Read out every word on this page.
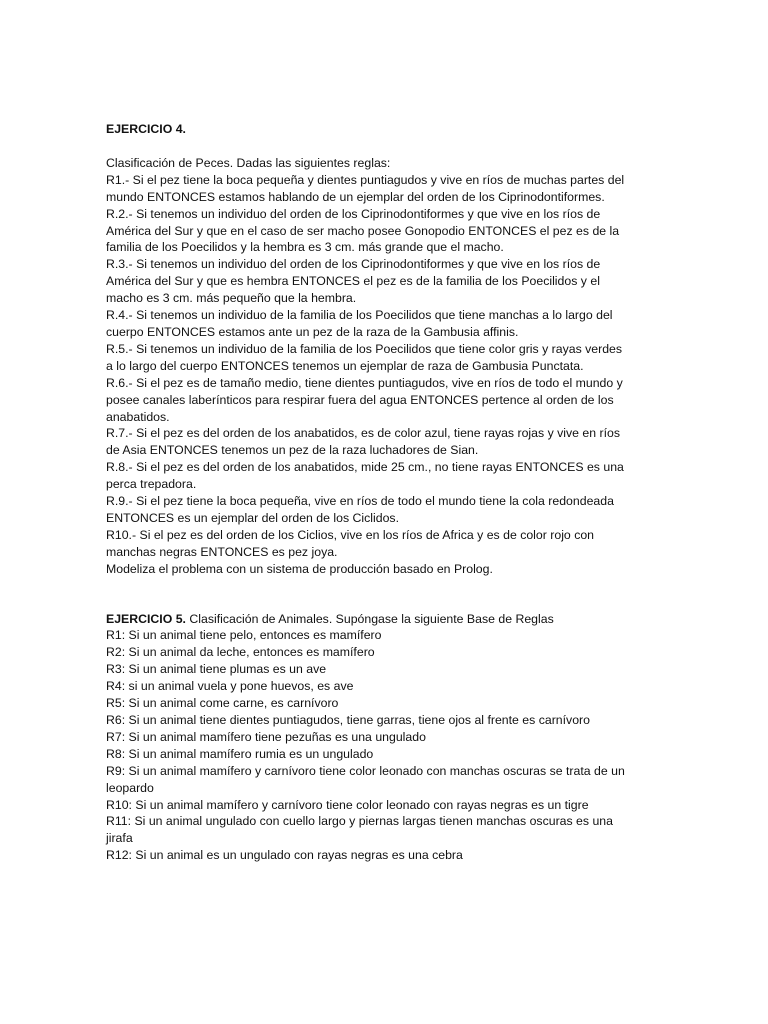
EJERCICIO 4.

Clasificación de Peces. Dadas las siguientes reglas:

R1.- Si el pez tiene la boca pequeña y dientes puntiagudos y vive en ríos de muchas partes del mundo ENTONCES estamos hablando de un ejemplar del orden de los Ciprinodontiformes.

R.2.- Si tenemos un individuo del orden de los Ciprinodontiformes y que vive en los ríos de América del Sur y que en el caso de ser macho posee Gonopodio ENTONCES el pez es de la familia de los Poecilidos y la hembra es 3 cm. más grande que el macho.

R.3.- Si tenemos un individuo del orden de los Ciprinodontiformes y que vive en los ríos de América del Sur y que es hembra ENTONCES el pez es de la familia de los Poecilidos y el macho es 3 cm. más pequeño que la hembra.

R.4.- Si tenemos un individuo de la familia de los Poecilidos que tiene manchas a lo largo del cuerpo ENTONCES estamos ante un pez de la raza de la Gambusia affinis.

R.5.- Si tenemos un individuo de la familia de los Poecilidos que tiene color gris y rayas verdes a lo largo del cuerpo ENTONCES tenemos un ejemplar de raza de Gambusia Punctata.

R.6.- Si el pez es de tamaño medio, tiene dientes puntiagudos, vive en ríos de todo el mundo y posee canales laberínticos para respirar fuera del agua ENTONCES pertence al orden de los anabatidos.

R.7.- Si el pez es del orden de los anabatidos, es de color azul, tiene rayas rojas y vive en ríos de Asia ENTONCES tenemos un pez de la raza luchadores de Sian.

R.8.- Si el pez es del orden de los anabatidos, mide 25 cm., no tiene rayas ENTONCES es una perca trepadora.

R.9.- Si el pez tiene la boca pequeña, vive en ríos de todo el mundo tiene la cola redondeada ENTONCES es un ejemplar del orden de los Ciclidos.

R10.- Si el pez es del orden de los Ciclios, vive en los ríos de Africa y es de color rojo con manchas negras ENTONCES es pez joya.

Modeliza el problema con un sistema de producción basado en Prolog.

EJERCICIO 5. Clasificación de Animales. Supóngase la siguiente Base de Reglas

R1: Si un animal tiene pelo, entonces es mamífero

R2: Si un animal da leche, entonces es mamífero

R3: Si un animal tiene plumas es un ave

R4: si un animal vuela y pone huevos, es ave

R5: Si un animal come carne, es carnívoro

R6: Si un animal tiene dientes puntiagudos, tiene garras, tiene ojos al frente es carnívoro

R7: Si un animal mamífero tiene pezuñas es una ungulado

R8: Si un animal mamífero rumia es un ungulado

R9: Si un animal mamífero y carnívoro tiene color leonado con manchas oscuras se trata de un leopardo

R10: Si un animal mamífero y carnívoro tiene color leonado con rayas negras es un tigre

R11: Si un animal ungulado con cuello largo y piernas largas tienen manchas oscuras es una jirafa

R12: Si un animal es un ungulado con rayas negras es una cebra
